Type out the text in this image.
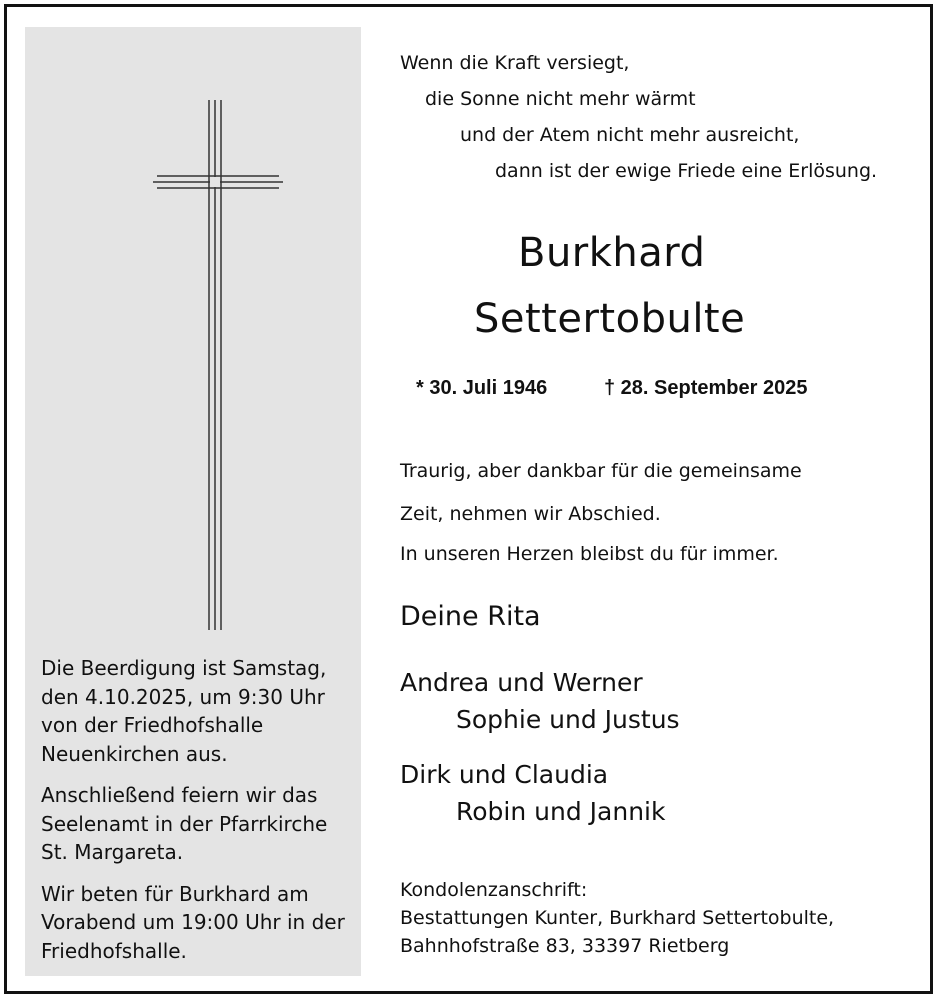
Die Beerdigung ist Samstag, den 4.10.2025, um 9:30 Uhr von der Friedhofshalle Neuenkirchen aus.

Anschließend feiern wir das Seelenamt in der Pfarrkirche St. Margareta.

Wir beten für Burkhard am Vorabend um 19:00 Uhr in der Friedhofshalle.

Wenn die Kraft versiegt,
die Sonne nicht mehr wärmt
und der Atem nicht mehr ausreicht,
dann ist der ewige Friede eine Erlösung.
Burkhard
Settertobulte
* 30. Juli 1946	† 28. September 2025
Traurig, aber dankbar für die gemeinsame
Zeit, nehmen wir Abschied.
In unseren Herzen bleibst du für immer.
Deine Rita
Andrea und Werner
Sophie und Justus
Dirk und Claudia
Robin und Jannik
Kondolenzanschrift:
Bestattungen Kunter, Burkhard Settertobulte,
Bahnhofstraße 83, 33397 Rietberg
